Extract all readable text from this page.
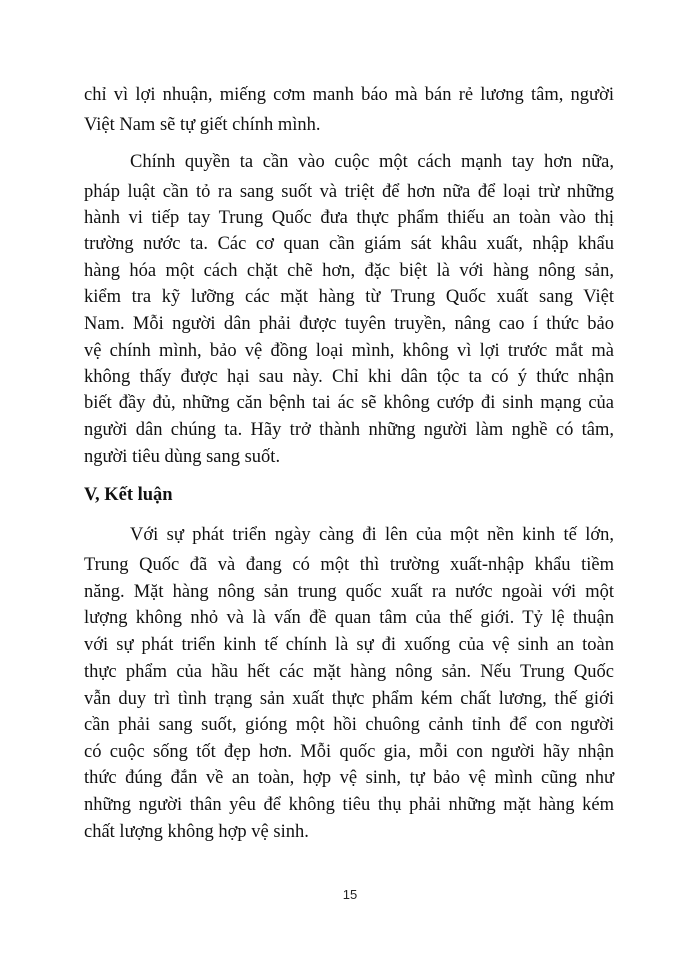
chỉ vì lợi nhuận, miếng cơm manh báo mà bán rẻ lương tâm, người
Việt Nam sẽ tự giết chính mình.
Chính quyền ta cần vào cuộc một cách mạnh tay hơn nữa,
pháp luật cần tỏ ra sang suốt và triệt để hơn nữa để loại trừ những
hành vi tiếp tay Trung Quốc đưa thực phẩm thiếu an toàn vào thị
trường nước ta. Các cơ quan cần giám sát khâu xuất, nhập khẩu
hàng hóa một cách chặt chẽ hơn, đặc biệt là với hàng nông sản,
kiểm tra kỹ lưỡng các mặt hàng từ Trung Quốc xuất sang Việt
Nam. Mỗi người dân phải được tuyên truyền, nâng cao í thức bảo
vệ chính mình, bảo vệ đồng loại mình, không vì lợi trước mắt mà
không thấy được hại sau này. Chỉ khi dân tộc ta có ý thức nhận
biết đầy đủ, những căn bệnh tai ác sẽ không cướp đi sinh mạng của
người dân chúng ta. Hãy trở thành những người làm nghề có tâm,
người tiêu dùng sang suốt.
V, Kết luận
Với sự phát triển ngày càng đi lên của một nền kinh tế lớn,
Trung Quốc đã và đang có một thì trường xuất-nhập khẩu tiềm
năng. Mặt hàng nông sản trung quốc xuất ra nước ngoài với một
lượng không nhỏ và là vấn đề quan tâm của thế giới. Tỷ lệ thuận
với sự phát triển kinh tế chính là sự đi xuống của vệ sinh an toàn
thực phẩm của hầu hết các mặt hàng nông sản. Nếu Trung Quốc
vẫn duy trì tình trạng sản xuất thực phẩm kém chất lương, thế giới
cần phải sang suốt, gióng một hồi chuông cảnh tỉnh để con người
có cuộc sống tốt đẹp hơn. Mỗi quốc gia, mỗi con người hãy nhận
thức đúng đắn về an toàn, hợp vệ sinh, tự bảo vệ mình cũng như
những người thân yêu để không tiêu thụ phải những mặt hàng kém
chất lượng không hợp vệ sinh.
15
